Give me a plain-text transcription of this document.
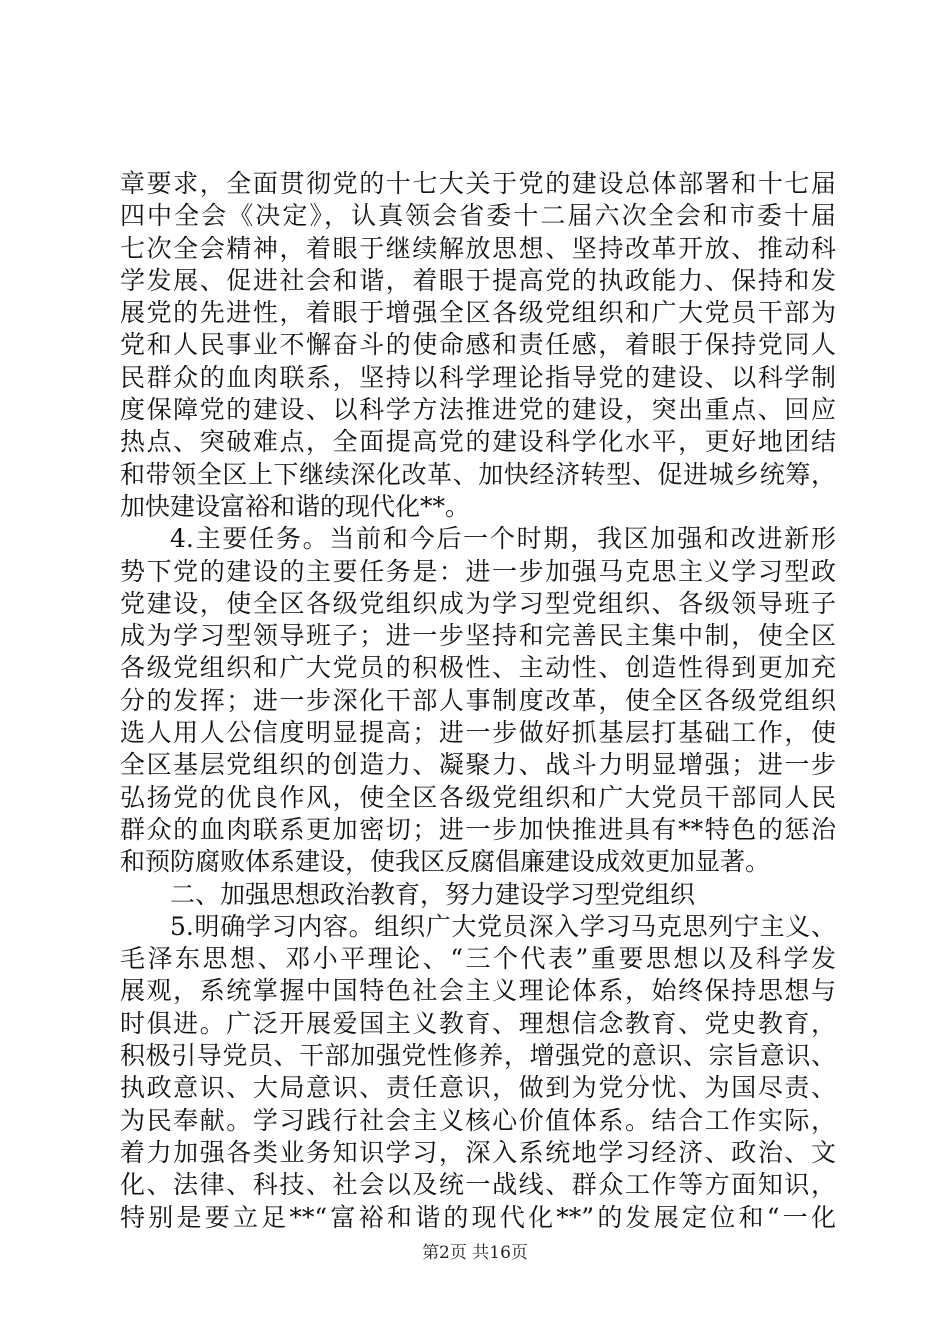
章要求，全面贯彻党的十七大关于党的建设总体部署和十七届
四中全会《决定》，认真领会省委十二届六次全会和市委十届
七次全会精神，着眼于继续解放思想、坚持改革开放、推动科
学发展、促进社会和谐，着眼于提高党的执政能力、保持和发
展党的先进性，着眼于增强全区各级党组织和广大党员干部为
党和人民事业不懈奋斗的使命感和责任感，着眼于保持党同人
民群众的血肉联系，坚持以科学理论指导党的建设、以科学制
度保障党的建设、以科学方法推进党的建设，突出重点、回应
热点、突破难点，全面提高党的建设科学化水平，更好地团结
和带领全区上下继续深化改革、加快经济转型、促进城乡统筹，
加快建设富裕和谐的现代化**。
4.主要任务。当前和今后一个时期，我区加强和改进新形
势下党的建设的主要任务是：进一步加强马克思主义学习型政
党建设，使全区各级党组织成为学习型党组织、各级领导班子
成为学习型领导班子；进一步坚持和完善民主集中制，使全区
各级党组织和广大党员的积极性、主动性、创造性得到更加充
分的发挥；进一步深化干部人事制度改革，使全区各级党组织
选人用人公信度明显提高；进一步做好抓基层打基础工作，使
全区基层党组织的创造力、凝聚力、战斗力明显增强；进一步
弘扬党的优良作风，使全区各级党组织和广大党员干部同人民
群众的血肉联系更加密切；进一步加快推进具有**特色的惩治
和预防腐败体系建设，使我区反腐倡廉建设成效更加显著。
二、加强思想政治教育，努力建设学习型党组织
5.明确学习内容。组织广大党员深入学习马克思列宁主义、
毛泽东思想、邓小平理论、“三个代表”重要思想以及科学发
展观，系统掌握中国特色社会主义理论体系，始终保持思想与
时俱进。广泛开展爱国主义教育、理想信念教育、党史教育，
积极引导党员、干部加强党性修养，增强党的意识、宗旨意识、
执政意识、大局意识、责任意识，做到为党分忧、为国尽责、
为民奉献。学习践行社会主义核心价值体系。结合工作实际，
着力加强各类业务知识学习，深入系统地学习经济、政治、文
化、法律、科技、社会以及统一战线、群众工作等方面知识，
特别是要立足**“富裕和谐的现代化**”的发展定位和“一化
第2页 共16页
